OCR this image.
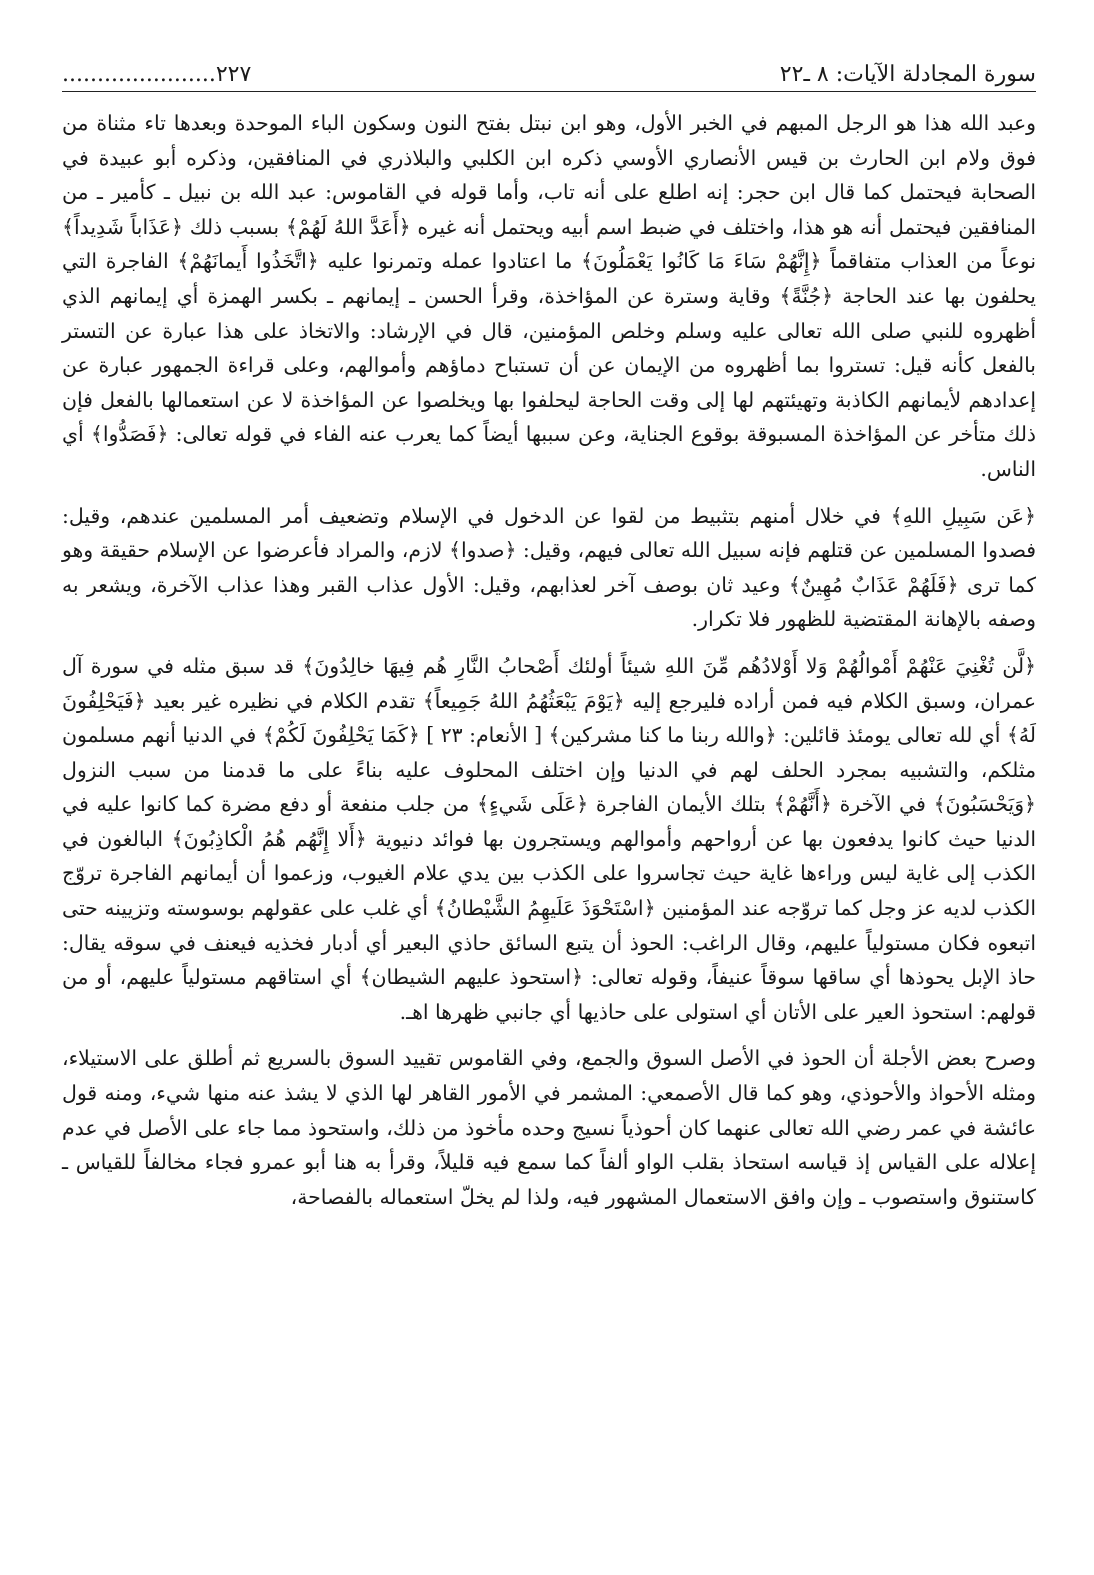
سورة المجادلة الآيات: ٨ ـ٢٢
٢٢٧......................

وعبد الله هذا هو الرجل المبهم في الخبر الأول، وهو ابن نبتل بفتح النون وسكون الباء الموحدة وبعدها تاء مثناة من فوق ولام ابن الحارث بن قيس الأنصاري الأوسي ذكره ابن الكلبي والبلاذري في المنافقين، وذكره أبو عبيدة في الصحابة فيحتمل كما قال ابن حجر: إنه اطلع على أنه تاب، وأما قوله في القاموس: عبد الله بن نبيل ـ كأمير ـ من المنافقين فيحتمل أنه هو هذا، واختلف في ضبط اسم أبيه ويحتمل أنه غيره ﴿أَعَدَّ اللهُ لَهُمْ﴾ بسبب ذلك ﴿عَذَاباً شَدِيداً﴾ نوعاً من العذاب متفاقماً ﴿إِنَّهُمْ سَاءَ مَا كَانُوا يَعْمَلُونَ﴾ ما اعتادوا عمله وتمرنوا عليه ﴿اتَّخَذُوا أَيمانَهُمْ﴾ الفاجرة التي يحلفون بها عند الحاجة ﴿جُنَّةً﴾ وقاية وسترة عن المؤاخذة، وقرأ الحسن ـ إيمانهم ـ بكسر الهمزة أي إيمانهم الذي أظهروه للنبي صلى الله تعالى عليه وسلم وخلص المؤمنين، قال في الإرشاد: والاتخاذ على هذا عبارة عن التستر بالفعل كأنه قيل: تستروا بما أظهروه من الإيمان عن أن تستباح دماؤهم وأموالهم، وعلى قراءة الجمهور عبارة عن إعدادهم لأيمانهم الكاذبة وتهيئتهم لها إلى وقت الحاجة ليحلفوا بها ويخلصوا عن المؤاخذة لا عن استعمالها بالفعل فإن ذلك متأخر عن المؤاخذة المسبوقة بوقوع الجناية، وعن سببها أيضاً كما يعرب عنه الفاء في قوله تعالى: ﴿فَصَدُّوا﴾ أي الناس.

﴿عَن سَبِيلِ اللهِ﴾ في خلال أمنهم بتثبيط من لقوا عن الدخول في الإسلام وتضعيف أمر المسلمين عندهم، وقيل: فصدوا المسلمين عن قتلهم فإنه سبيل الله تعالى فيهم، وقيل: ﴿صدوا﴾ لازم، والمراد فأعرضوا عن الإسلام حقيقة وهو كما ترى ﴿فَلَهُمْ عَذَابٌ مُهِينٌ﴾ وعيد ثان بوصف آخر لعذابهم، وقيل: الأول عذاب القبر وهذا عذاب الآخرة، ويشعر به وصفه بالإهانة المقتضية للظهور فلا تكرار.

﴿لَّن تُغْنِيَ عَنْهُمْ أَمْوالُهُمْ وَلا أَوْلادُهُم مِّنَ اللهِ شيئاً أولئك أَصْحابُ النَّارِ هُم فِيهَا خالِدُونَ﴾ قد سبق مثله في سورة آل عمران، وسبق الكلام فيه فمن أراده فليرجع إليه ﴿يَوْمَ يَبْعَثُهُمُ اللهُ جَمِيعاً﴾ تقدم الكلام في نظيره غير بعيد ﴿فَيَحْلِفُونَ لَهُ﴾ أي لله تعالى يومئذ قائلين: ﴿والله ربنا ما كنا مشركين﴾ [ الأنعام: ٢٣ ] ﴿كَمَا يَحْلِفُونَ لَكُمْ﴾ في الدنيا أنهم مسلمون مثلكم، والتشبيه بمجرد الحلف لهم في الدنيا وإن اختلف المحلوف عليه بناءً على ما قدمنا من سبب النزول ﴿وَيَحْسَبُونَ﴾ في الآخرة ﴿أَنَّهُمْ﴾ بتلك الأيمان الفاجرة ﴿عَلَى شَيءٍ﴾ من جلب منفعة أو دفع مضرة كما كانوا عليه في الدنيا حيث كانوا يدفعون بها عن أرواحهم وأموالهم ويستجرون بها فوائد دنيوية ﴿أَلا إِنَّهُم هُمُ الْكاذِبُونَ﴾ البالغون في الكذب إلى غاية ليس وراءها غاية حيث تجاسروا على الكذب بين يدي علام الغيوب، وزعموا أن أيمانهم الفاجرة تروّج الكذب لديه عز وجل كما تروّجه عند المؤمنين ﴿اسْتَحْوَذَ عَلَيهِمُ الشَّيْطانُ﴾ أي غلب على عقولهم بوسوسته وتزيينه حتى اتبعوه فكان مستولياً عليهم، وقال الراغب: الحوذ أن يتبع السائق حاذي البعير أي أدبار فخذيه فيعنف في سوقه يقال: حاذ الإبل يحوذها أي ساقها سوقاً عنيفاً، وقوله تعالى: ﴿استحوذ عليهم الشيطان﴾ أي استاقهم مستولياً عليهم، أو من قولهم: استحوذ العير على الأتان أي استولى على حاذيها أي جانبي ظهرها اهـ.

وصرح بعض الأجلة أن الحوذ في الأصل السوق والجمع، وفي القاموس تقييد السوق بالسريع ثم أطلق على الاستيلاء، ومثله الأحواذ والأحوذي، وهو كما قال الأصمعي: المشمر في الأمور القاهر لها الذي لا يشذ عنه منها شيء، ومنه قول عائشة في عمر رضي الله تعالى عنهما كان أحوذياً نسيج وحده مأخوذ من ذلك، واستحوذ مما جاء على الأصل في عدم إعلاله على القياس إذ قياسه استحاذ بقلب الواو ألفاً كما سمع فيه قليلاً، وقرأ به هنا أبو عمرو فجاء مخالفاً للقياس ـ كاستنوق واستصوب ـ وإن وافق الاستعمال المشهور فيه، ولذا لم يخلّ استعماله بالفصاحة،
